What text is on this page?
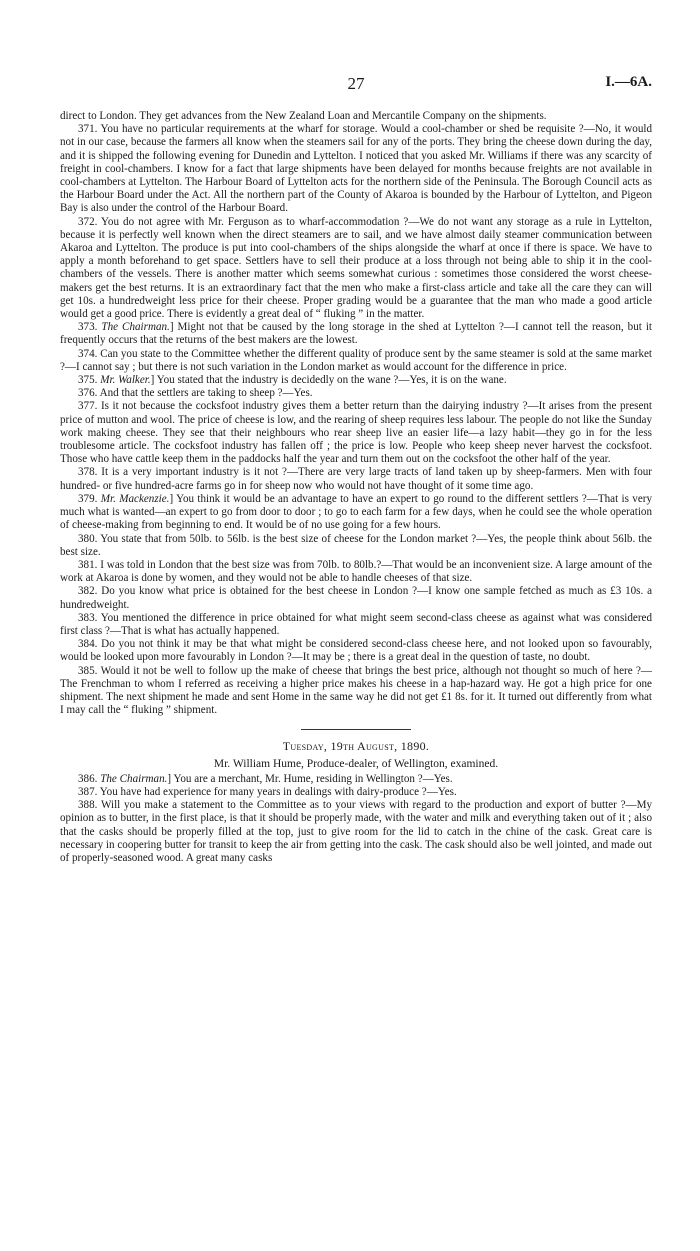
27	I.—6A.

direct to London. They get advances from the New Zealand Loan and Mercantile Company on the shipments.

371. You have no particular requirements at the wharf for storage. Would a cool-chamber or shed be requisite ?—No, it would not in our case, because the farmers all know when the steamers sail for any of the ports. They bring the cheese down during the day, and it is shipped the following evening for Dunedin and Lyttelton. I noticed that you asked Mr. Williams if there was any scarcity of freight in cool-chambers. I know for a fact that large shipments have been delayed for months because freights are not available in cool-chambers at Lyttelton. The Harbour Board of Lyttelton acts for the northern side of the Peninsula. The Borough Council acts as the Harbour Board under the Act. All the northern part of the County of Akaroa is bounded by the Harbour of Lyttelton, and Pigeon Bay is also under the control of the Harbour Board.

372. You do not agree with Mr. Ferguson as to wharf-accommodation ?—We do not want any storage as a rule in Lyttelton, because it is perfectly well known when the direct steamers are to sail, and we have almost daily steamer communication between Akaroa and Lyttelton. The produce is put into cool-chambers of the ships alongside the wharf at once if there is space. We have to apply a month beforehand to get space. Settlers have to sell their produce at a loss through not being able to ship it in the cool-chambers of the vessels. There is another matter which seems somewhat curious : sometimes those considered the worst cheese-makers get the best returns. It is an extraordinary fact that the men who make a first-class article and take all the care they can will get 10s. a hundredweight less price for their cheese. Proper grading would be a guarantee that the man who made a good article would get a good price. There is evidently a great deal of “ fluking ” in the matter.

373. The Chairman.] Might not that be caused by the long storage in the shed at Lyttelton ?—I cannot tell the reason, but it frequently occurs that the returns of the best makers are the lowest.

374. Can you state to the Committee whether the different quality of produce sent by the same steamer is sold at the same market ?—I cannot say ; but there is not such variation in the London market as would account for the difference in price.

375. Mr. Walker.] You stated that the industry is decidedly on the wane ?—Yes, it is on the wane.

376. And that the settlers are taking to sheep ?—Yes.

377. Is it not because the cocksfoot industry gives them a better return than the dairying industry ?—It arises from the present price of mutton and wool. The price of cheese is low, and the rearing of sheep requires less labour. The people do not like the Sunday work making cheese. They see that their neighbours who rear sheep live an easier life—a lazy habit—they go in for the less troublesome article. The cocksfoot industry has fallen off ; the price is low. People who keep sheep never harvest the cocksfoot. Those who have cattle keep them in the paddocks half the year and turn them out on the cocksfoot the other half of the year.

378. It is a very important industry is it not ?—There are very large tracts of land taken up by sheep-farmers. Men with four hundred- or five hundred-acre farms go in for sheep now who would not have thought of it some time ago.

379. Mr. Mackenzie.] You think it would be an advantage to have an expert to go round to the different settlers ?—That is very much what is wanted—an expert to go from door to door ; to go to each farm for a few days, when he could see the whole operation of cheese-making from beginning to end. It would be of no use going for a few hours.

380. You state that from 50lb. to 56lb. is the best size of cheese for the London market ?—Yes, the people think about 56lb. the best size.

381. I was told in London that the best size was from 70lb. to 80lb.?—That would be an inconvenient size. A large amount of the work at Akaroa is done by women, and they would not be able to handle cheeses of that size.

382. Do you know what price is obtained for the best cheese in London ?—I know one sample fetched as much as £3 10s. a hundredweight.

383. You mentioned the difference in price obtained for what might seem second-class cheese as against what was considered first class ?—That is what has actually happened.

384. Do you not think it may be that what might be considered second-class cheese here, and not looked upon so favourably, would be looked upon more favourably in London ?—It may be ; there is a great deal in the question of taste, no doubt.

385. Would it not be well to follow up the make of cheese that brings the best price, although not thought so much of here ?—The Frenchman to whom I referred as receiving a higher price makes his cheese in a hap-hazard way. He got a high price for one shipment. The next shipment he made and sent Home in the same way he did not get £1 8s. for it. It turned out differently from what I may call the “ fluking ” shipment.

Tuesday, 19th August, 1890.
Mr. William Hume, Produce-dealer, of Wellington, examined.

386. The Chairman.] You are a merchant, Mr. Hume, residing in Wellington ?—Yes.

387. You have had experience for many years in dealings with dairy-produce ?—Yes.

388. Will you make a statement to the Committee as to your views with regard to the production and export of butter ?—My opinion as to butter, in the first place, is that it should be properly made, with the water and milk and everything taken out of it ; also that the casks should be properly filled at the top, just to give room for the lid to catch in the chine of the cask. Great care is necessary in coopering butter for transit to keep the air from getting into the cask. The cask should also be well jointed, and made out of properly-seasoned wood. A great many casks
